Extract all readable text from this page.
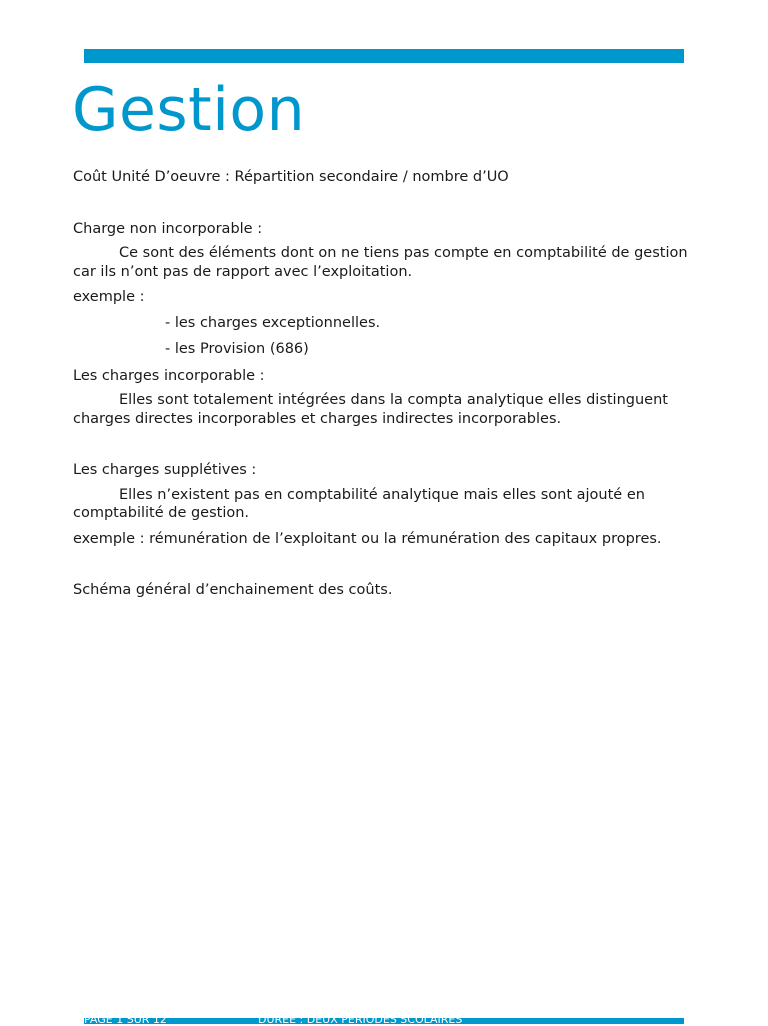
Gestion

Coût Unité D’oeuvre : Répartition secondaire / nombre d’UO

Charge non incorporable :

Ce sont des éléments dont on ne tiens pas compte en comptabilité de gestion car ils n’ont pas de rapport avec l’exploitation.

exemple :

- les charges exceptionnelles.
- les Provision (686)

Les charges incorporable :

Elles sont totalement intégrées dans la compta analytique elles distinguent charges directes incorporables et charges indirectes incorporables.

Les charges supplétives :

Elles n’existent pas en comptabilité analytique mais elles sont ajouté en comptabilité de gestion.

exemple : rémunération de l’exploitant ou la rémunération des capitaux propres.

Schéma général d’enchainement des coûts.

PAGE 1 SUR 12	DUREE : DEUX PERIODES SCOLAIRES
